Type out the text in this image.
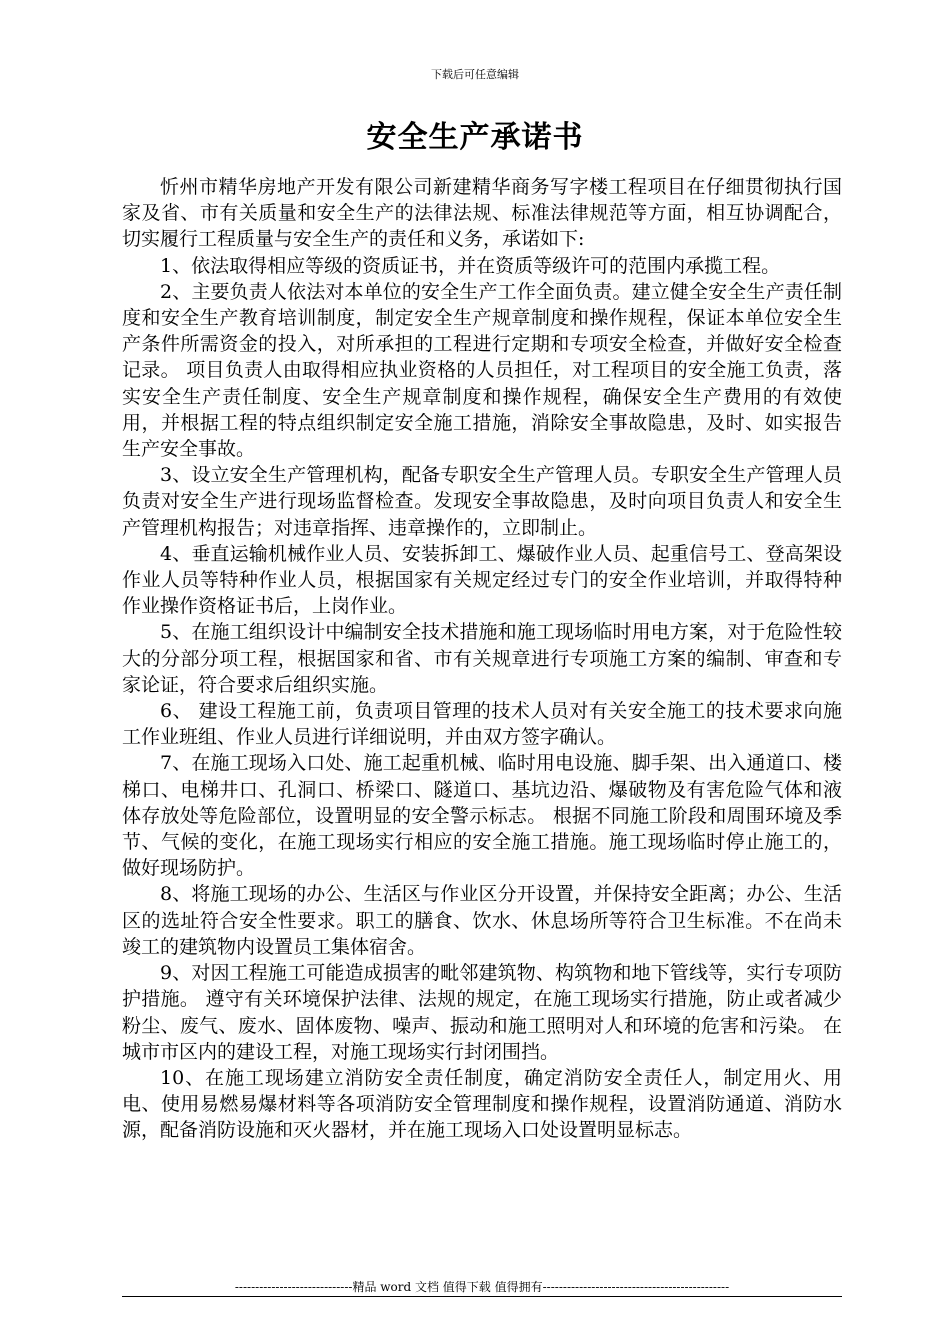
下载后可任意编辑
安全生产承诺书

忻州市精华房地产开发有限公司新建精华商务写字楼工程项目在仔细贯彻执行国家及省、市有关质量和安全生产的法律法规、标准法律规范等方面，相互协调配合，切实履行工程质量与安全生产的责任和义务，承诺如下:

1、依法取得相应等级的资质证书，并在资质等级许可的范围内承揽工程。

2、主要负责人依法对本单位的安全生产工作全面负责。建立健全安全生产责任制度和安全生产教育培训制度，制定安全生产规章制度和操作规程，保证本单位安全生产条件所需资金的投入，对所承担的工程进行定期和专项安全检查，并做好安全检查记录。 项目负责人由取得相应执业资格的人员担任，对工程项目的安全施工负责，落实安全生产责任制度、安全生产规章制度和操作规程，确保安全生产费用的有效使用，并根据工程的特点组织制定安全施工措施，消除安全事故隐患，及时、如实报告生产安全事故。

3、设立安全生产管理机构，配备专职安全生产管理人员。专职安全生产管理人员负责对安全生产进行现场监督检查。发现安全事故隐患，及时向项目负责人和安全生产管理机构报告；对违章指挥、违章操作的，立即制止。

4、垂直运输机械作业人员、安装拆卸工、爆破作业人员、起重信号工、登高架设作业人员等特种作业人员，根据国家有关规定经过专门的安全作业培训，并取得特种作业操作资格证书后，上岗作业。

5、在施工组织设计中编制安全技术措施和施工现场临时用电方案，对于危险性较大的分部分项工程，根据国家和省、市有关规章进行专项施工方案的编制、审查和专家论证，符合要求后组织实施。

6、 建设工程施工前，负责项目管理的技术人员对有关安全施工的技术要求向施工作业班组、作业人员进行详细说明，并由双方签字确认。

7、在施工现场入口处、施工起重机械、临时用电设施、脚手架、出入通道口、楼梯口、电梯井口、孔洞口、桥梁口、隧道口、基坑边沿、爆破物及有害危险气体和液体存放处等危险部位，设置明显的安全警示标志。 根据不同施工阶段和周围环境及季节、气候的变化，在施工现场实行相应的安全施工措施。施工现场临时停止施工的，做好现场防护。

8、将施工现场的办公、生活区与作业区分开设置，并保持安全距离；办公、生活区的选址符合安全性要求。职工的膳食、饮水、休息场所等符合卫生标准。不在尚未竣工的建筑物内设置员工集体宿舍。

9、对因工程施工可能造成损害的毗邻建筑物、构筑物和地下管线等，实行专项防护措施。 遵守有关环境保护法律、法规的规定，在施工现场实行措施，防止或者减少粉尘、废气、废水、固体废物、噪声、振动和施工照明对人和环境的危害和污染。 在城市市区内的建设工程，对施工现场实行封闭围挡。

10、在施工现场建立消防安全责任制度，确定消防安全责任人，制定用火、用电、使用易燃易爆材料等各项消防安全管理制度和操作规程，设置消防通道、消防水源，配备消防设施和灭火器材，并在施工现场入口处设置明显标志。

-----------------------------精品 word 文档 值得下载 值得拥有----------------------------------------------
